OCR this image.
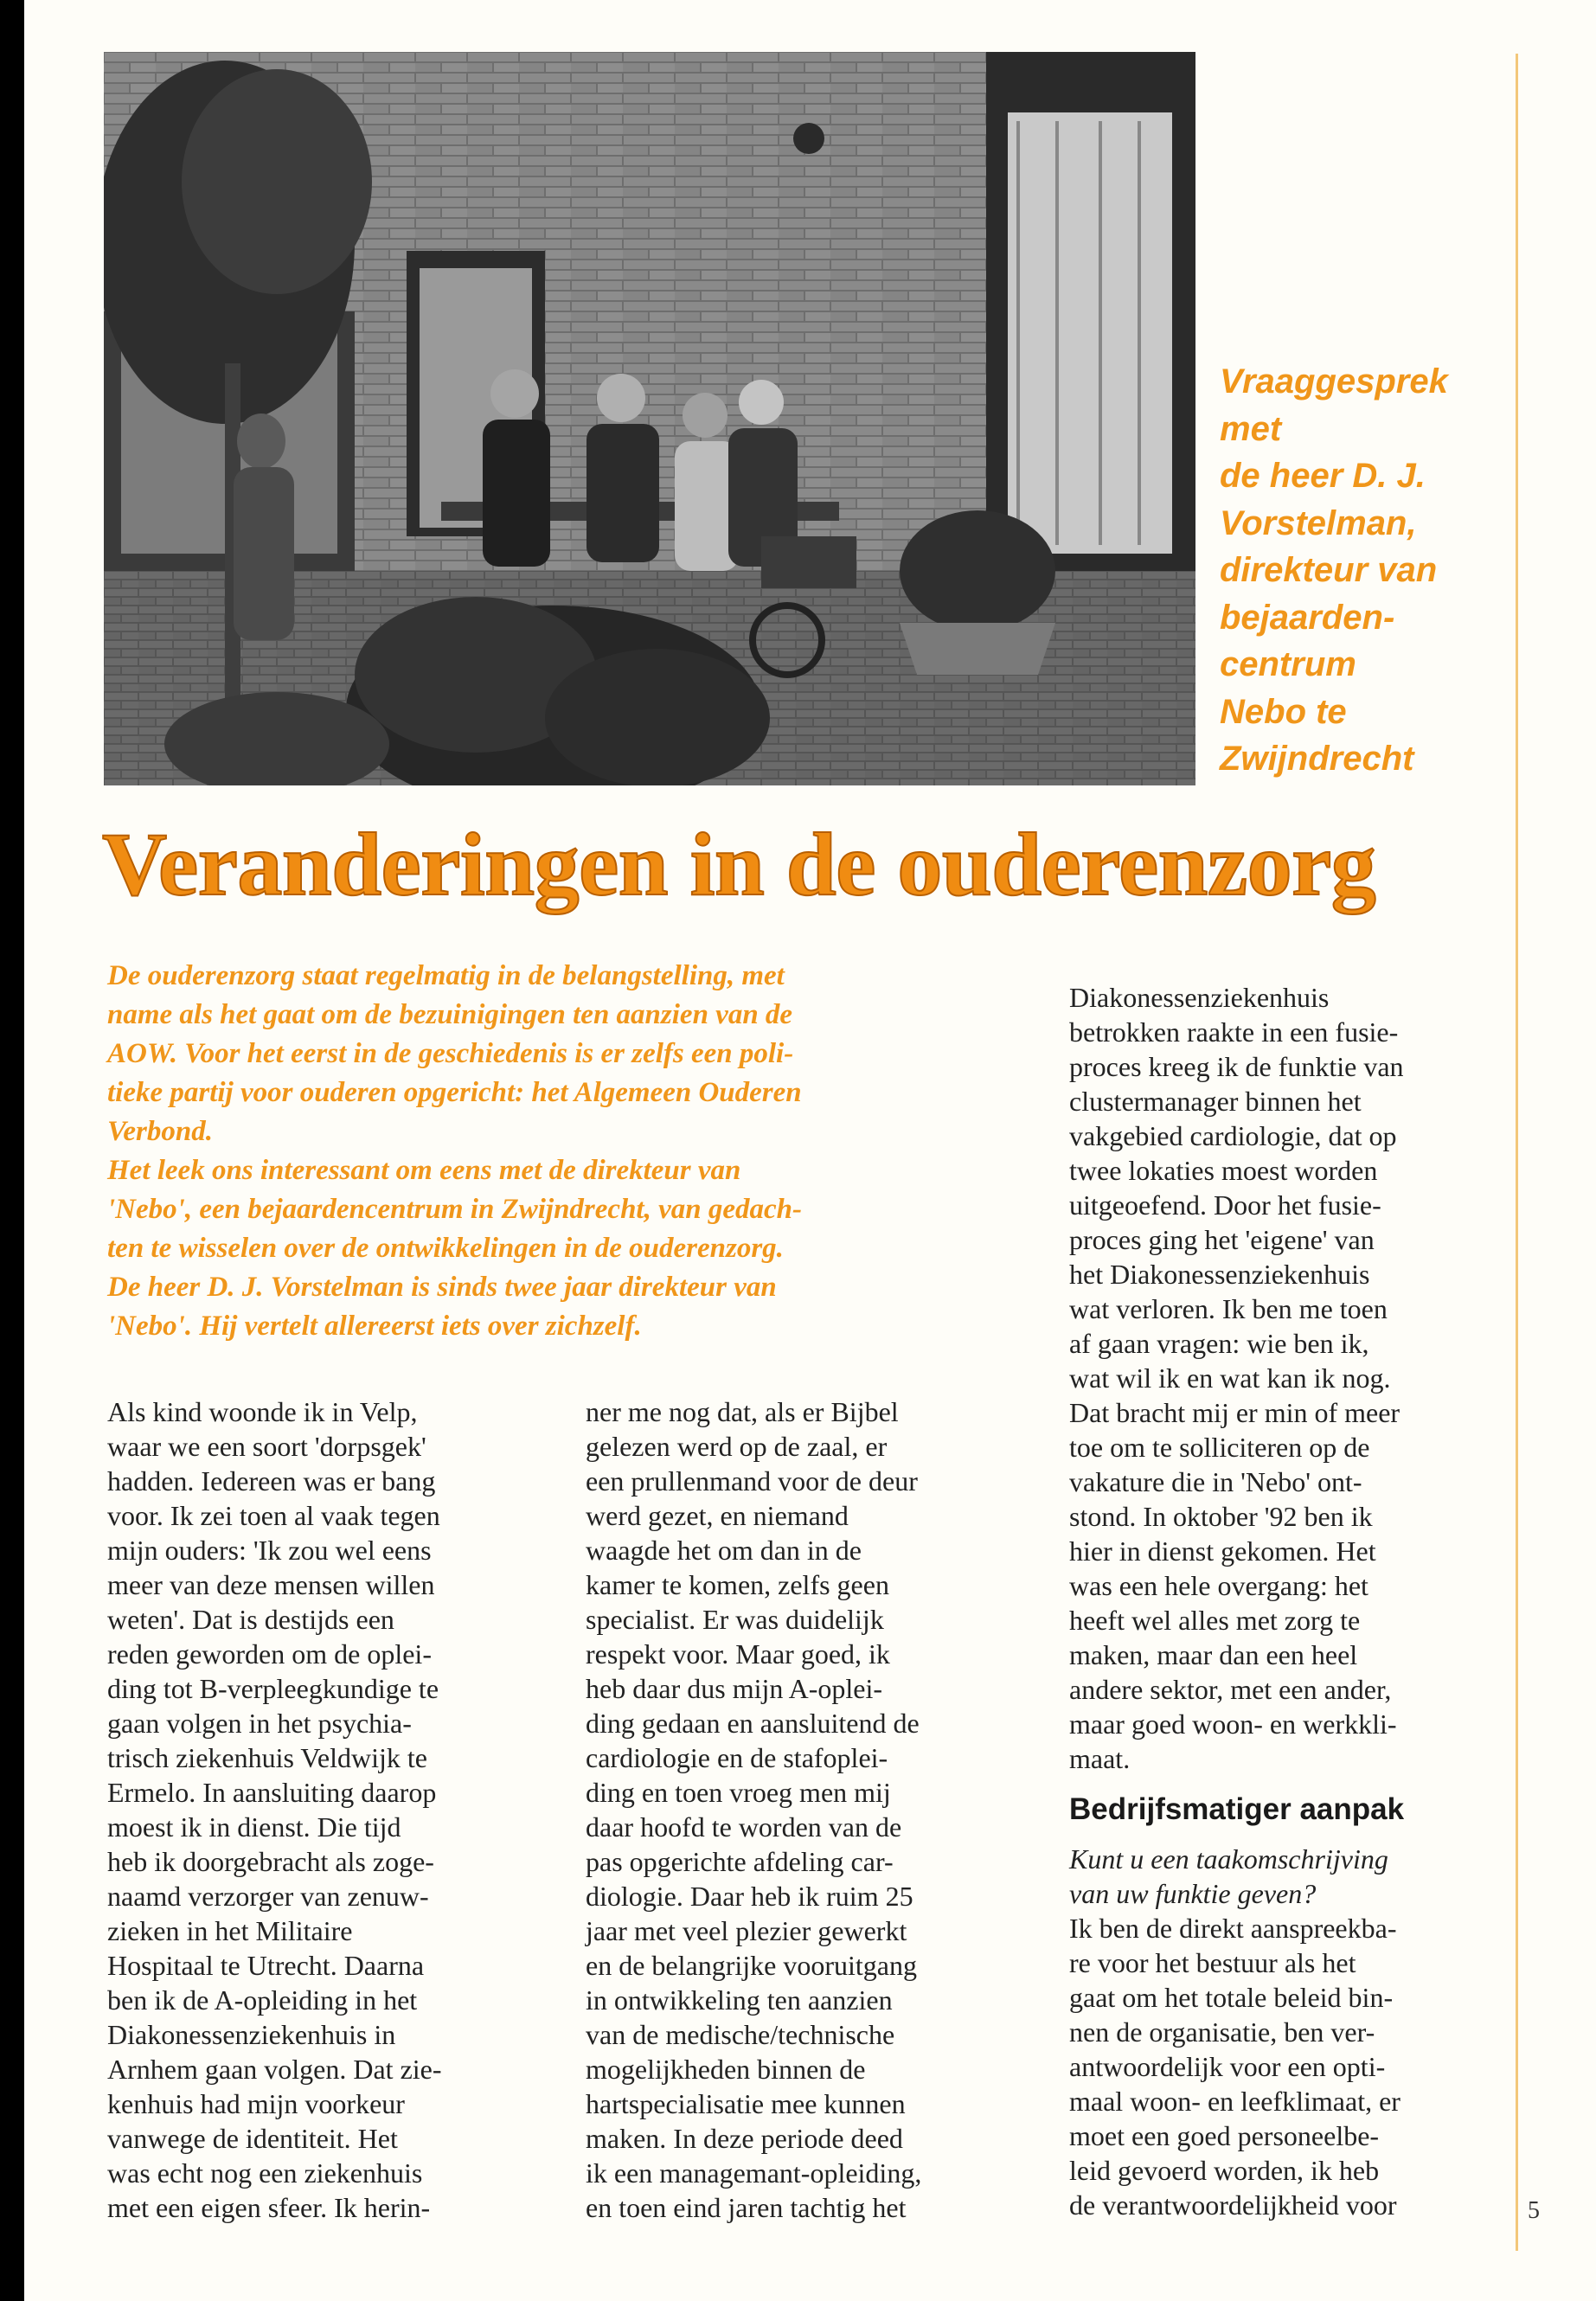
Vraaggesprek
met
de heer D. J.
Vorstelman,
direkteur van
bejaarden-
centrum
Nebo te
Zwijndrecht
Veranderingen in de ouderenzorg
De ouderenzorg staat regelmatig in de belangstelling, met
name als het gaat om de bezuinigingen ten aanzien van de
AOW. Voor het eerst in de geschiedenis is er zelfs een poli-
tieke partij voor ouderen opgericht: het Algemeen Ouderen
Verbond.
Het leek ons interessant om eens met de direkteur van
'Nebo', een bejaardencentrum in Zwijndrecht, van gedach-
ten te wisselen over de ontwikkelingen in de ouderenzorg.
De heer D. J. Vorstelman is sinds twee jaar direkteur van
'Nebo'. Hij vertelt allereerst iets over zichzelf.
Als kind woonde ik in Velp,
waar we een soort 'dorpsgek'
hadden. Iedereen was er bang
voor. Ik zei toen al vaak tegen
mijn ouders: 'Ik zou wel eens
meer van deze mensen willen
weten'. Dat is destijds een
reden geworden om de oplei-
ding tot B-verpleegkundige te
gaan volgen in het psychia-
trisch ziekenhuis Veldwijk te
Ermelo. In aansluiting daarop
moest ik in dienst. Die tijd
heb ik doorgebracht als zoge-
naamd verzorger van zenuw-
zieken in het Militaire
Hospitaal te Utrecht. Daarna
ben ik de A-opleiding in het
Diakonessenziekenhuis in
Arnhem gaan volgen. Dat zie-
kenhuis had mijn voorkeur
vanwege de identiteit. Het
was echt nog een ziekenhuis
met een eigen sfeer. Ik herin-
ner me nog dat, als er Bijbel
gelezen werd op de zaal, er
een prullenmand voor de deur
werd gezet, en niemand
waagde het om dan in de
kamer te komen, zelfs geen
specialist. Er was duidelijk
respekt voor. Maar goed, ik
heb daar dus mijn A-oplei-
ding gedaan en aansluitend de
cardiologie en de stafoplei-
ding en toen vroeg men mij
daar hoofd te worden van de
pas opgerichte afdeling car-
diologie. Daar heb ik ruim 25
jaar met veel plezier gewerkt
en de belangrijke vooruitgang
in ontwikkeling ten aanzien
van de medische/technische
mogelijkheden binnen de
hartspecialisatie mee kunnen
maken. In deze periode deed
ik een managemant-opleiding,
en toen eind jaren tachtig het
Diakonessenziekenhuis
betrokken raakte in een fusie-
proces kreeg ik de funktie van
clustermanager binnen het
vakgebied cardiologie, dat op
twee lokaties moest worden
uitgeoefend. Door het fusie-
proces ging het 'eigene' van
het Diakonessenziekenhuis
wat verloren. Ik ben me toen
af gaan vragen: wie ben ik,
wat wil ik en wat kan ik nog.
Dat bracht mij er min of meer
toe om te solliciteren op de
vakature die in 'Nebo' ont-
stond. In oktober '92 ben ik
hier in dienst gekomen. Het
was een hele overgang: het
heeft wel alles met zorg te
maken, maar dan een heel
andere sektor, met een ander,
maar goed woon- en werkkli-
maat.
Bedrijfsmatiger aanpak
Kunt u een taakomschrijving
van uw funktie geven?
Ik ben de direkt aanspreekba-
re voor het bestuur als het
gaat om het totale beleid bin-
nen de organisatie, ben ver-
antwoordelijk voor een opti-
maal woon- en leefklimaat, er
moet een goed personeelbe-
leid gevoerd worden, ik heb
de verantwoordelijkheid voor	5
